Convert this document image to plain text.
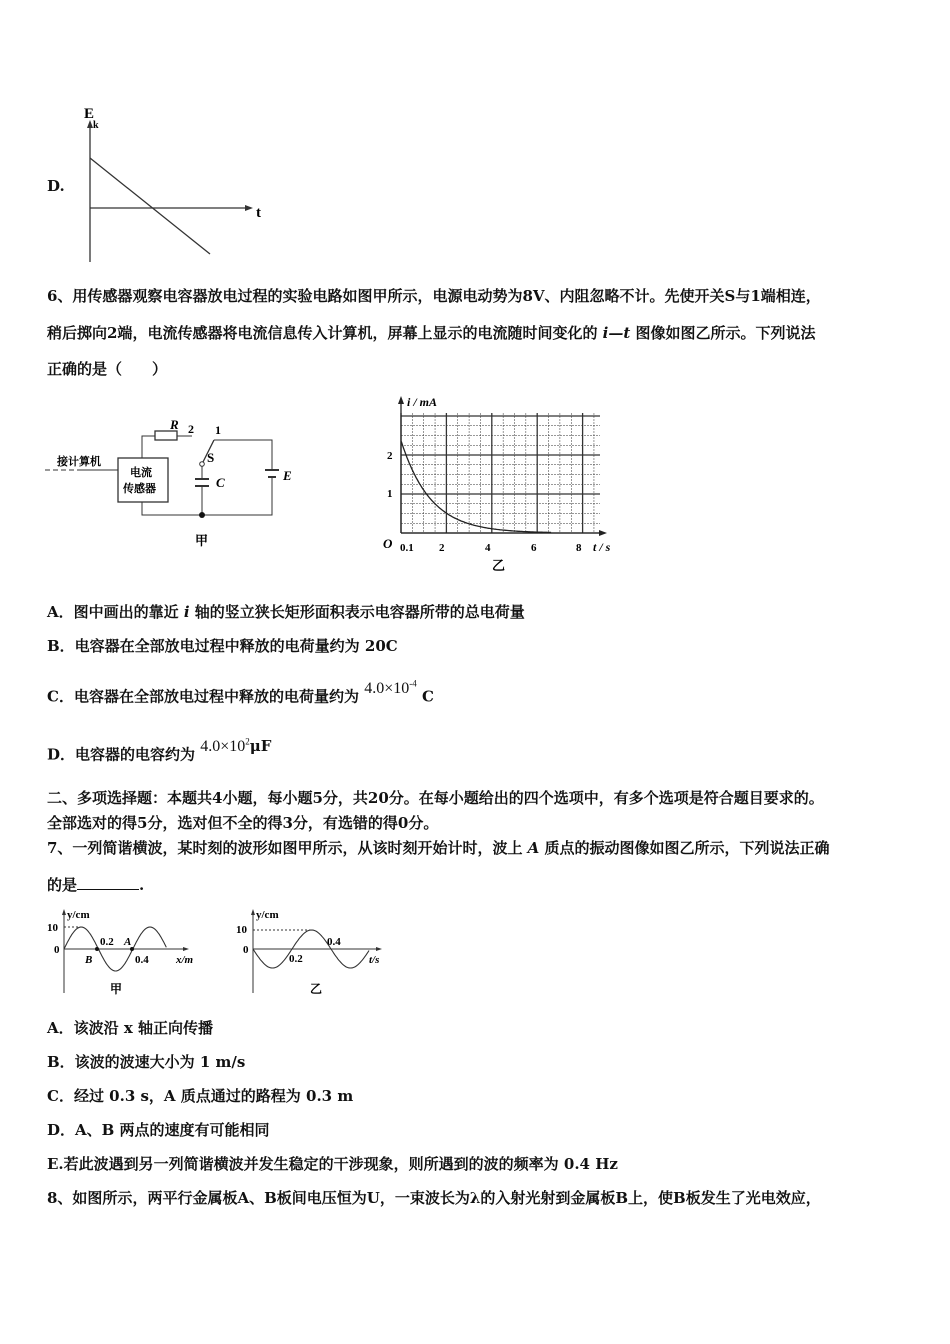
D.
E
k
t
6、用传感器观察电容器放电过程的实验电路如图甲所示，电源电动势为8V、内阻忽略不计。先使开关S与1端相连，
稍后掷向2端，电流传感器将电流信息传入计算机，屏幕上显示的电流随时间变化的 i—t 图像如图乙所示。下列说法
正确的是（　　）
接计算机
电流
传感器
R 2 1
S
C	E
甲
i / mA
O 0.1 2	4	6	8
2
1
t / s
乙
A．图中画出的靠近 i 轴的竖立狭长矩形面积表示电容器所带的总电荷量
B．电容器在全部放电过程中释放的电荷量约为 20C
C．电容器在全部放电过程中释放的电荷量约为 $4.0\times 10^{-4}$ C
D．电容器的电容约为 $4.0\times 10^2\mu F$
二、多项选择题：本题共4小题，每小题5分，共20分。在每小题给出的四个选项中，有多个选项是符合题目要求的。
全部选对的得5分，选对但不全的得3分，有选错的得0分。
7、一列简谐横波，某时刻的波形如图甲所示，从该时刻开始计时，波上 A 质点的振动图像如图乙所示，下列说法正确
的是	.
y/cm
10
0
0.2 A
B	0.4 x/m
甲
y/cm
10
0
0.2
0.4
t/s
乙
A．该波沿 x 轴正向传播
B．该波的波速大小为 1 m/s
C．经过 0.3 s，A 质点通过的路程为 0.3 m
D．A、B 两点的速度有可能相同
E.若此波遇到另一列简谐横波并发生稳定的干涉现象，则所遇到的波的频率为 0.4 Hz
8、如图所示，两平行金属板A、B板间电压恒为U，一束波长为λ的入射光射到金属板B上，使B板发生了光电效应，
